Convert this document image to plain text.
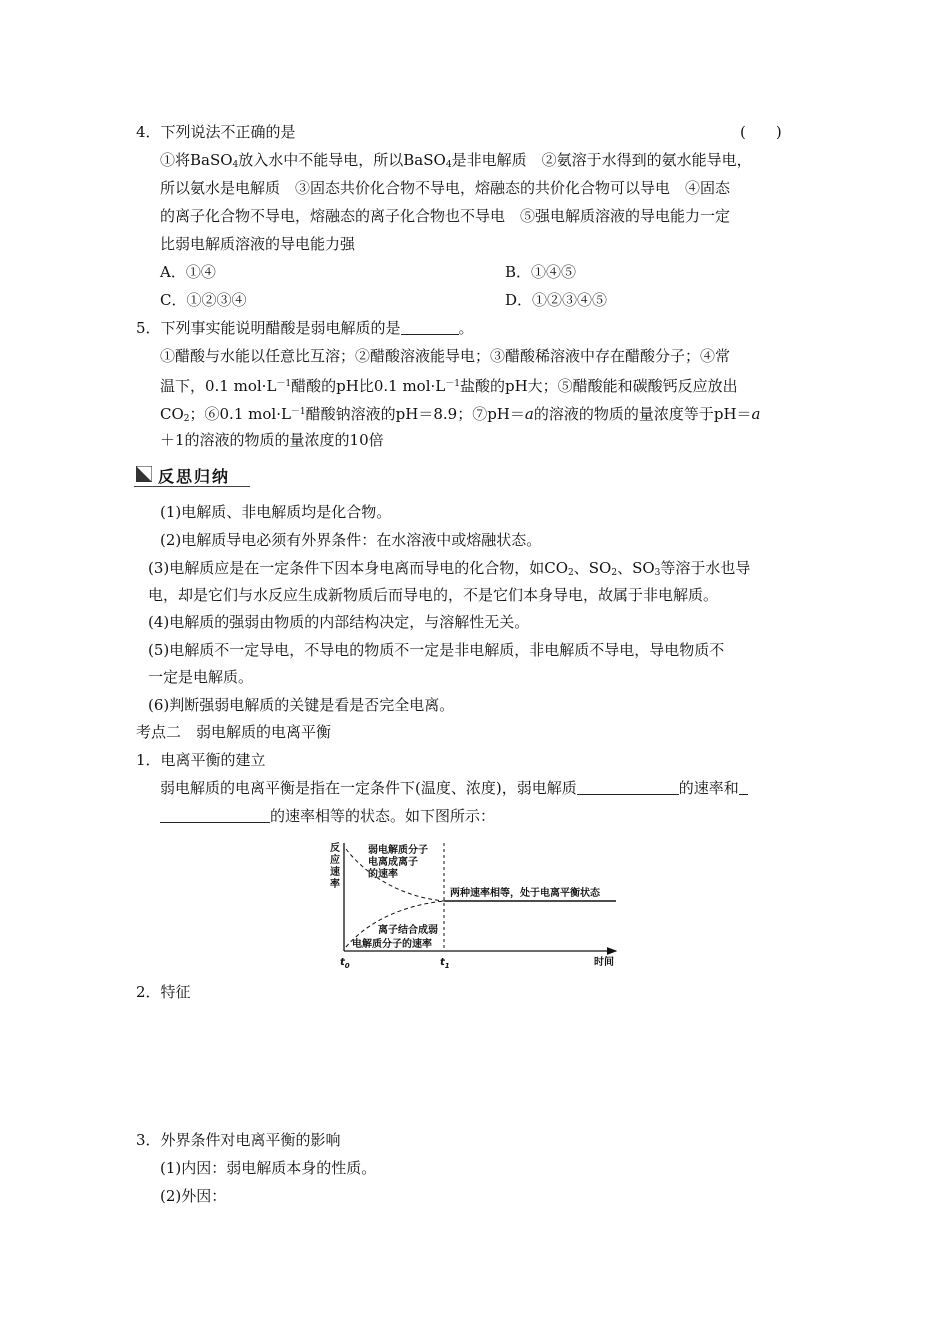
4．下列说法不正确的是	(　　)
①将BaSO$_4$放入水中不能导电，所以BaSO$_4$是非电解质　②氨溶于水得到的氨水能导电，
所以氨水是电解质　③固态共价化合物不导电，熔融态的共价化合物可以导电　④固态
的离子化合物不导电，熔融态的离子化合物也不导电　⑤强电解质溶液的导电能力一定
比弱电解质溶液的导电能力强
A．①④	B．①④⑤
C．①②③④	D．①②③④⑤
5．下列事实能说明醋酸是弱电解质的是	。
①醋酸与水能以任意比互溶；②醋酸溶液能导电；③醋酸稀溶液中存在醋酸分子；④常
温下，0.1 $mol\cdot L^{-1}$醋酸的pH比0.1 $mol\cdot L^{-1}$盐酸的pH大；⑤醋酸能和碳酸钙反应放出
$CO_2$；⑥0.1 $mol\cdot L^{-1}$醋酸钠溶液的pH＝8.9；⑦pH＝a的溶液的物质的量浓度等于pH＝a
＋1的溶液的物质的量浓度的10倍
反思归纳
(1)电解质、非电解质均是化合物。
(2)电解质导电必须有外界条件：在水溶液中或熔融状态。
(3)电解质应是在一定条件下因本身电离而导电的化合物，如$CO_2$、$SO_2$、$SO_3$等溶于水也导
电，却是它们与水反应生成新物质后而导电的，不是它们本身导电，故属于非电解质。
(4)电解质的强弱由物质的内部结构决定，与溶解性无关。
(5)电解质不一定导电，不导电的物质不一定是非电解质，非电解质不导电，导电物质不
一定是电解质。
(6)判断强弱电解质的关键是看是否完全电离。
考点二　弱电解质的电离平衡
1．电离平衡的建立
弱电解质的电离平衡是指在一定条件下(温度、浓度)，弱电解质	的速率和
的速率相等的状态。如下图所示：
反
应
速
率
弱电解质分子
电离成离子
的速率
两种速率相等，处于电离平衡状态
离子结合成弱
电解质分子的速率
$t_0$	$t_1$	时间
2．特征
3．外界条件对电离平衡的影响
(1)内因：弱电解质本身的性质。
(2)外因：
